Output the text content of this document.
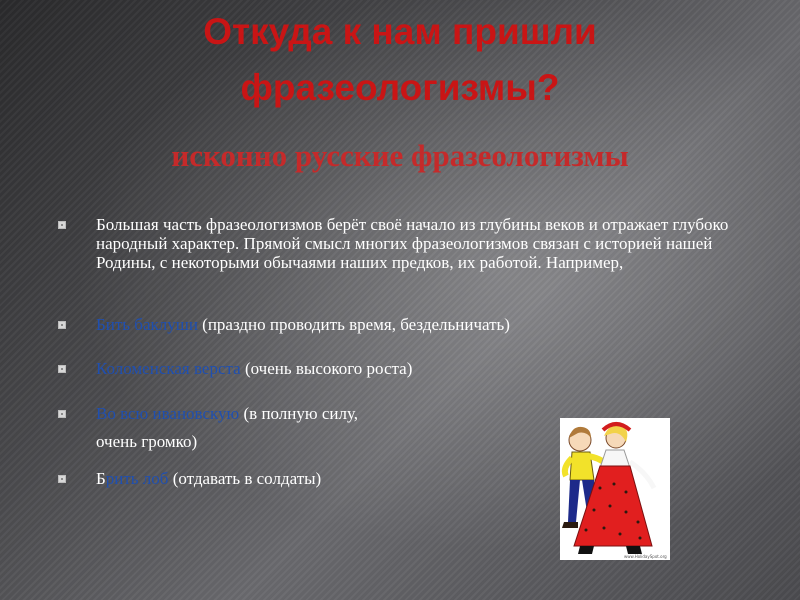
Откуда к нам пришли фразеологизмы?
исконно русские фразеологизмы
Большая часть фразеологизмов берёт своё начало из глубины веков и отражает глубоко народный характер. Прямой смысл многих фразеологизмов связан с историей нашей Родины, с некоторыми обычаями наших предков, их работой. Например,
Бить баклуши (праздно проводить время, бездельничать)
Коломенская верста (очень высокого роста)
Во всю ивановскую (в полную силу,
очень громко)
Брить лоб (отдавать в солдаты)
www.HolidaySpot.org
